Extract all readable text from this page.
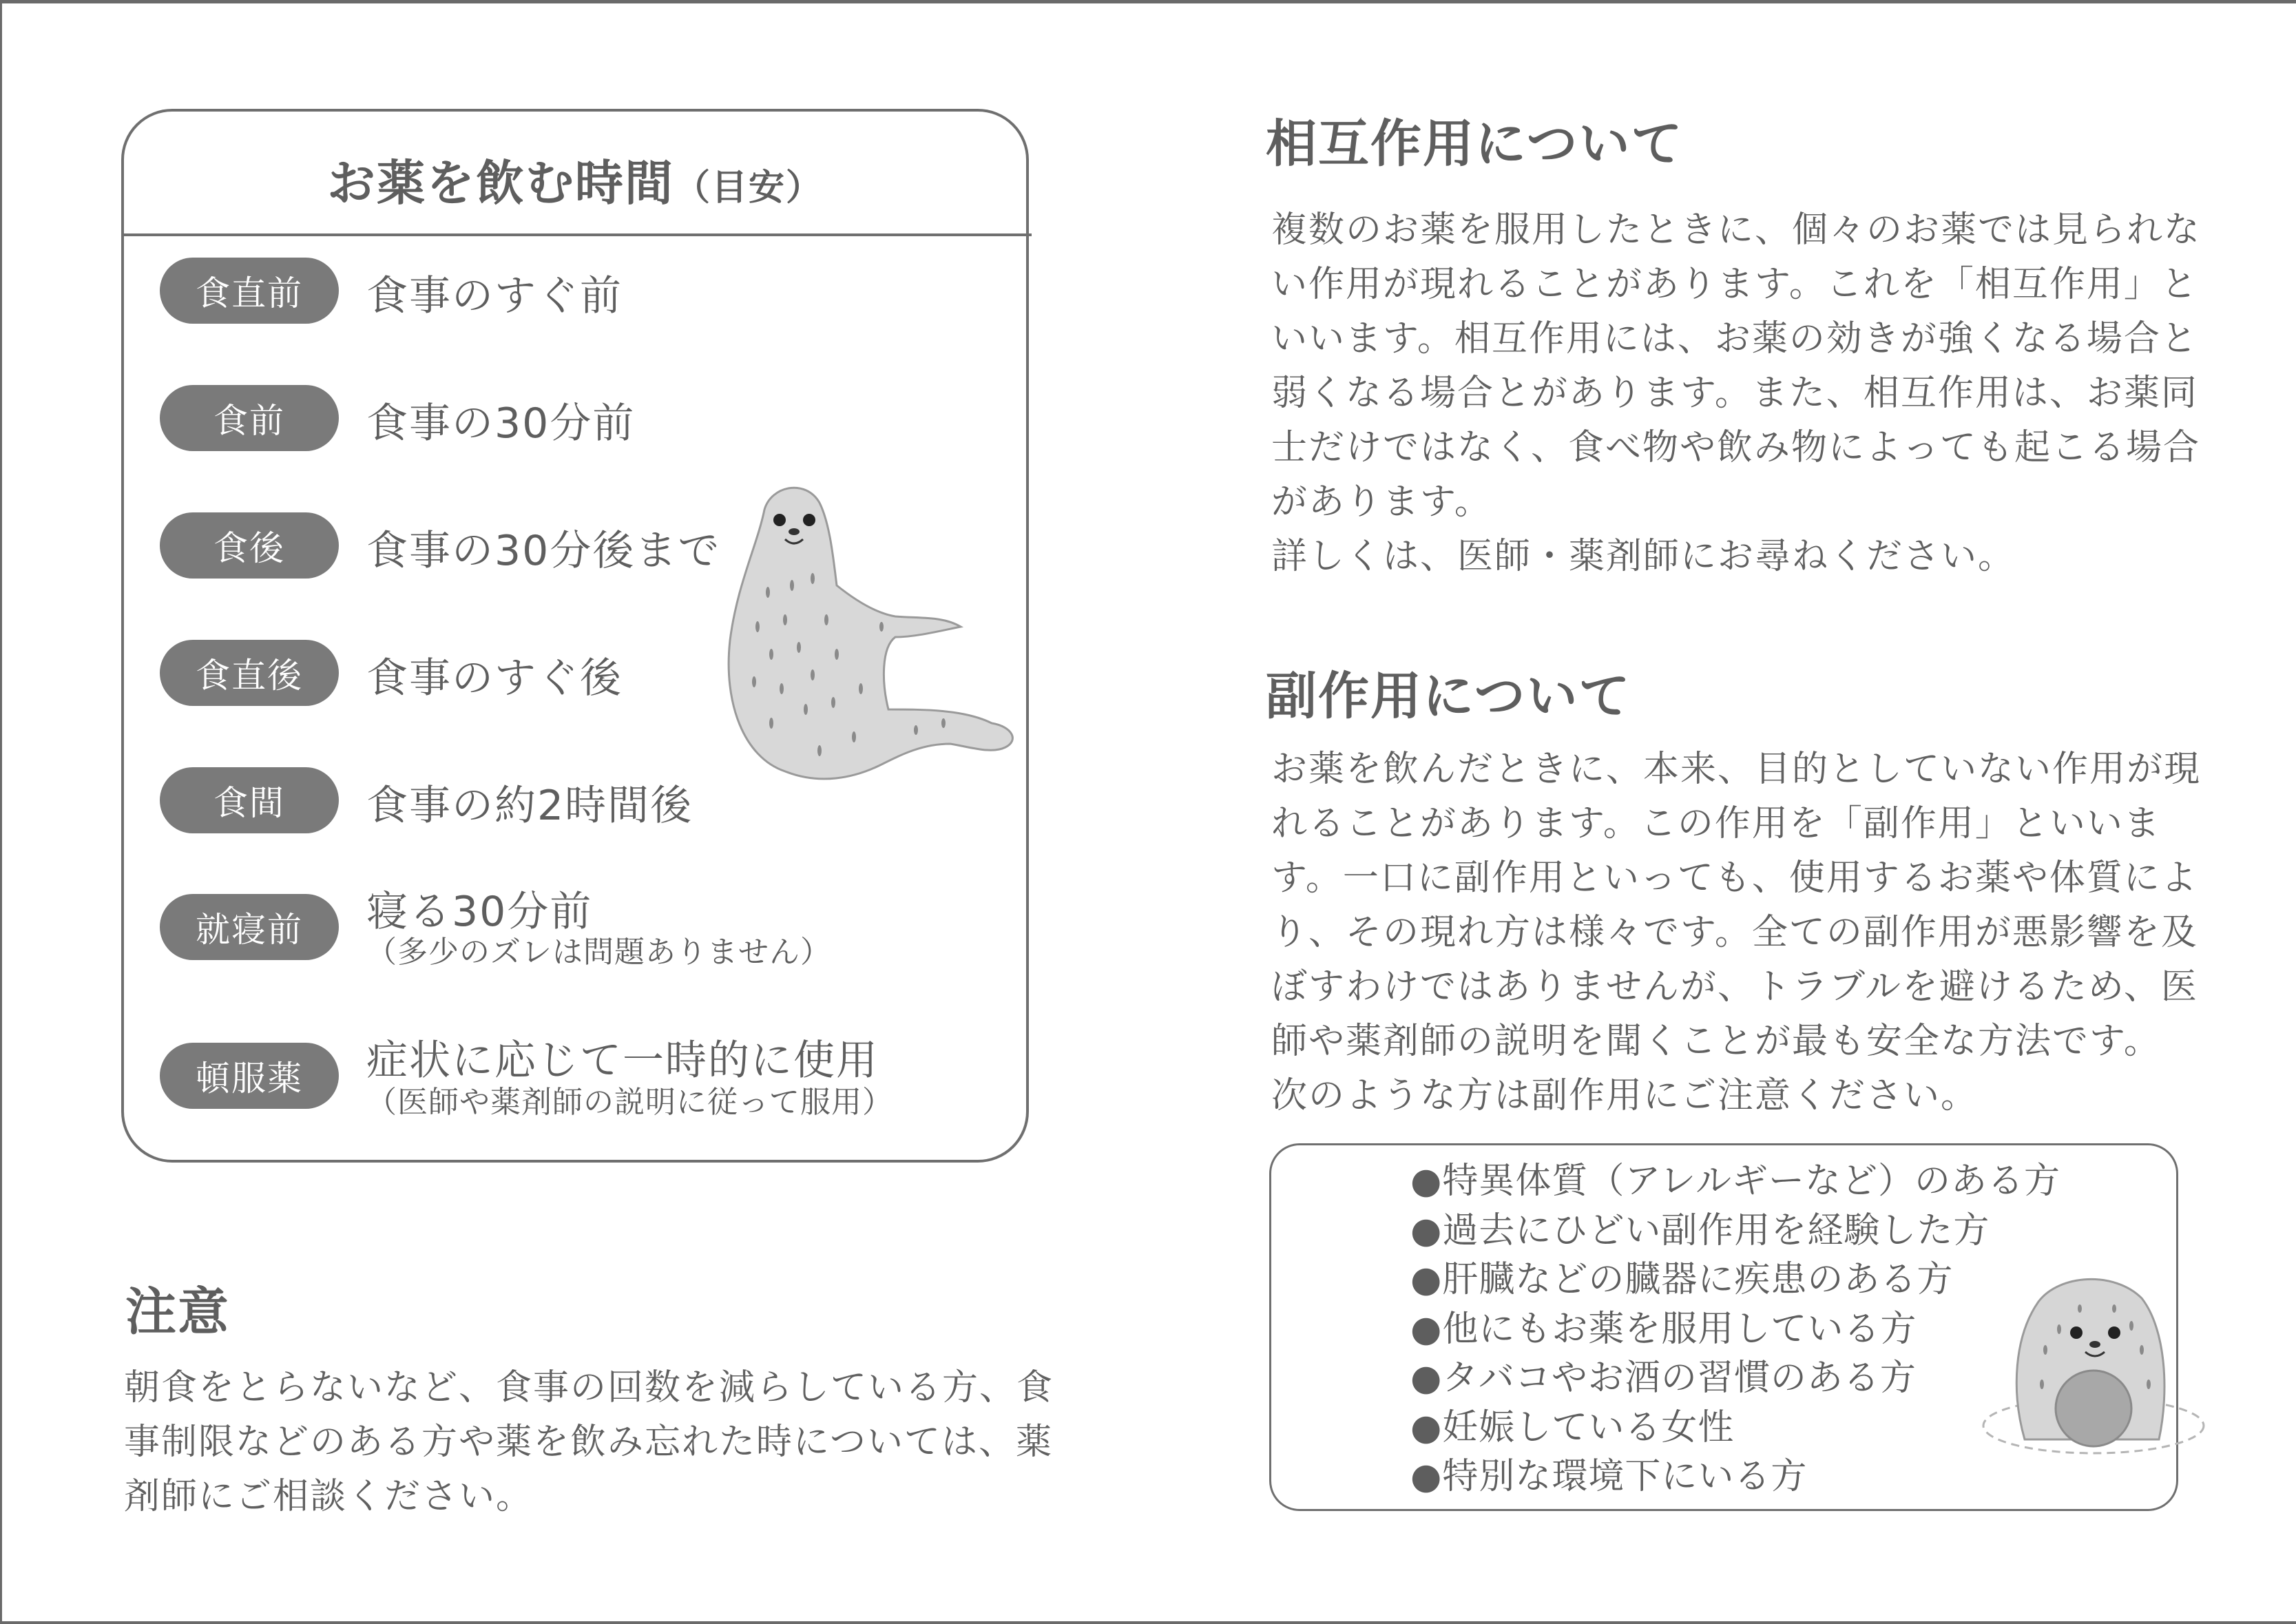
お薬を飲む時間（目安）
食直前	食事のすぐ前
食前	食事の30分前
食後	食事の30分後まで
食直後	食事のすぐ後
食間	食事の約2時間後
就寝前	寝る30分前
（多少のズレは問題ありません）
頓服薬	症状に応じて一時的に使用
（医師や薬剤師の説明に従って服用）
注意
朝食をとらないなど、食事の回数を減らしている方、食
事制限などのある方や薬を飲み忘れた時については、薬
剤師にご相談ください。
相互作用について
複数のお薬を服用したときに、個々のお薬では見られな
い作用が現れることがあります。これを「相互作用」と
いいます。相互作用には、お薬の効きが強くなる場合と
弱くなる場合とがあります。また、相互作用は、お薬同
士だけではなく、食べ物や飲み物によっても起こる場合
があります。
詳しくは、医師・薬剤師にお尋ねください。
副作用について
お薬を飲んだときに、本来、目的としていない作用が現
れることがあります。この作用を「副作用」といいま
す。一口に副作用といっても、使用するお薬や体質によ
り、その現れ方は様々です。全ての副作用が悪影響を及
ぼすわけではありませんが、トラブルを避けるため、医
師や薬剤師の説明を聞くことが最も安全な方法です。
次のような方は副作用にご注意ください。
●特異体質（アレルギーなど）のある方
●過去にひどい副作用を経験した方
●肝臓などの臓器に疾患のある方
●他にもお薬を服用している方
●タバコやお酒の習慣のある方
●妊娠している女性
●特別な環境下にいる方
